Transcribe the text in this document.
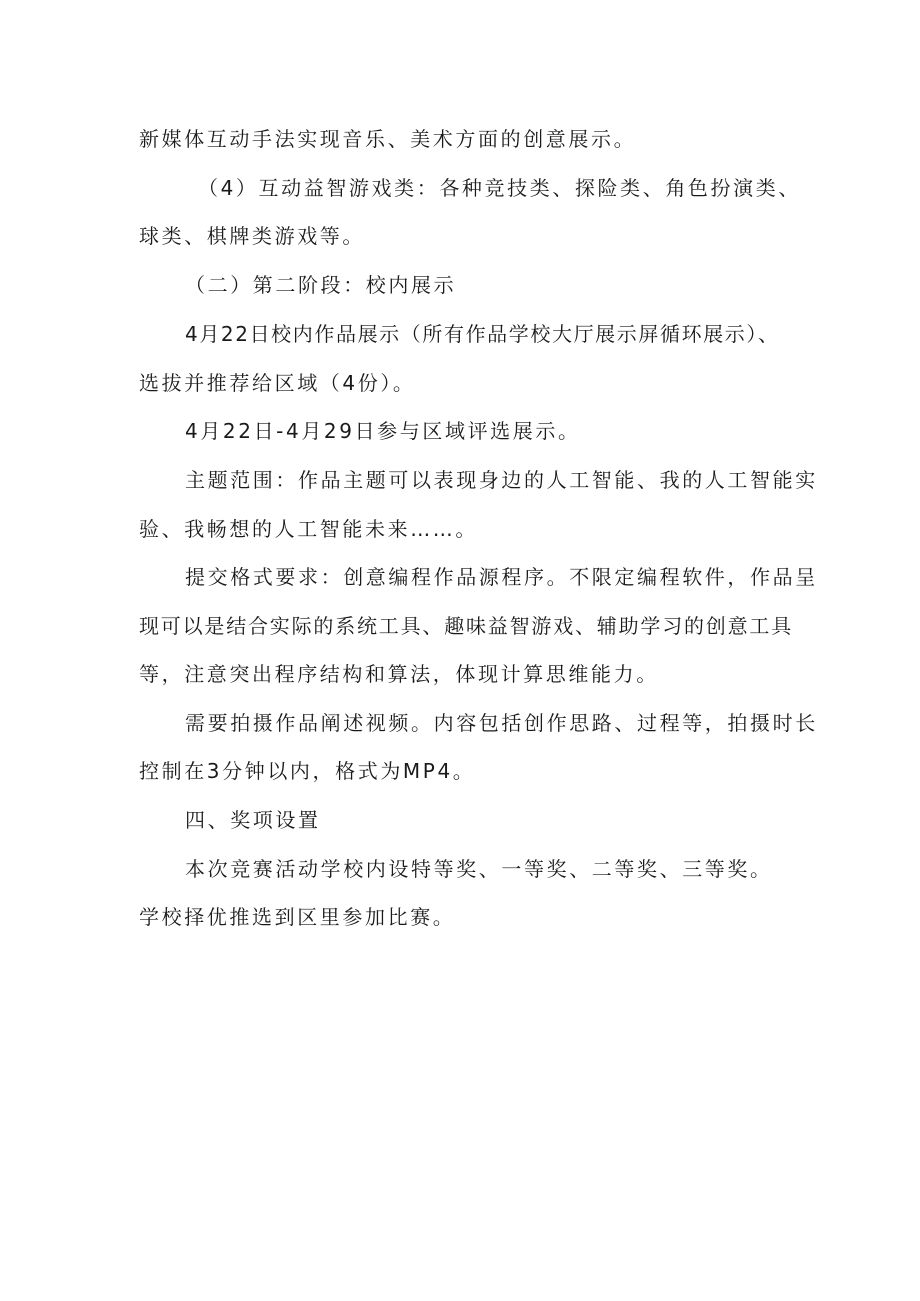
新媒体互动手法实现音乐、美术方面的创意展示。
（4）互动益智游戏类：各种竞技类、探险类、角色扮演类、
球类、棋牌类游戏等。
（二）第二阶段：校内展示
4月22日校内作品展示（所有作品学校大厅展示屏循环展示）、
选拔并推荐给区域（4份）。
4月22日-4月29日参与区域评选展示。
主题范围：作品主题可以表现身边的人工智能、我的人工智能实
验、我畅想的人工智能未来……。
提交格式要求：创意编程作品源程序。不限定编程软件，作品呈
现可以是结合实际的系统工具、趣味益智游戏、辅助学习的创意工具
等，注意突出程序结构和算法，体现计算思维能力。
需要拍摄作品阐述视频。内容包括创作思路、过程等，拍摄时长
控制在3分钟以内，格式为MP4。
四、奖项设置
本次竞赛活动学校内设特等奖、一等奖、二等奖、三等奖。
学校择优推选到区里参加比赛。
